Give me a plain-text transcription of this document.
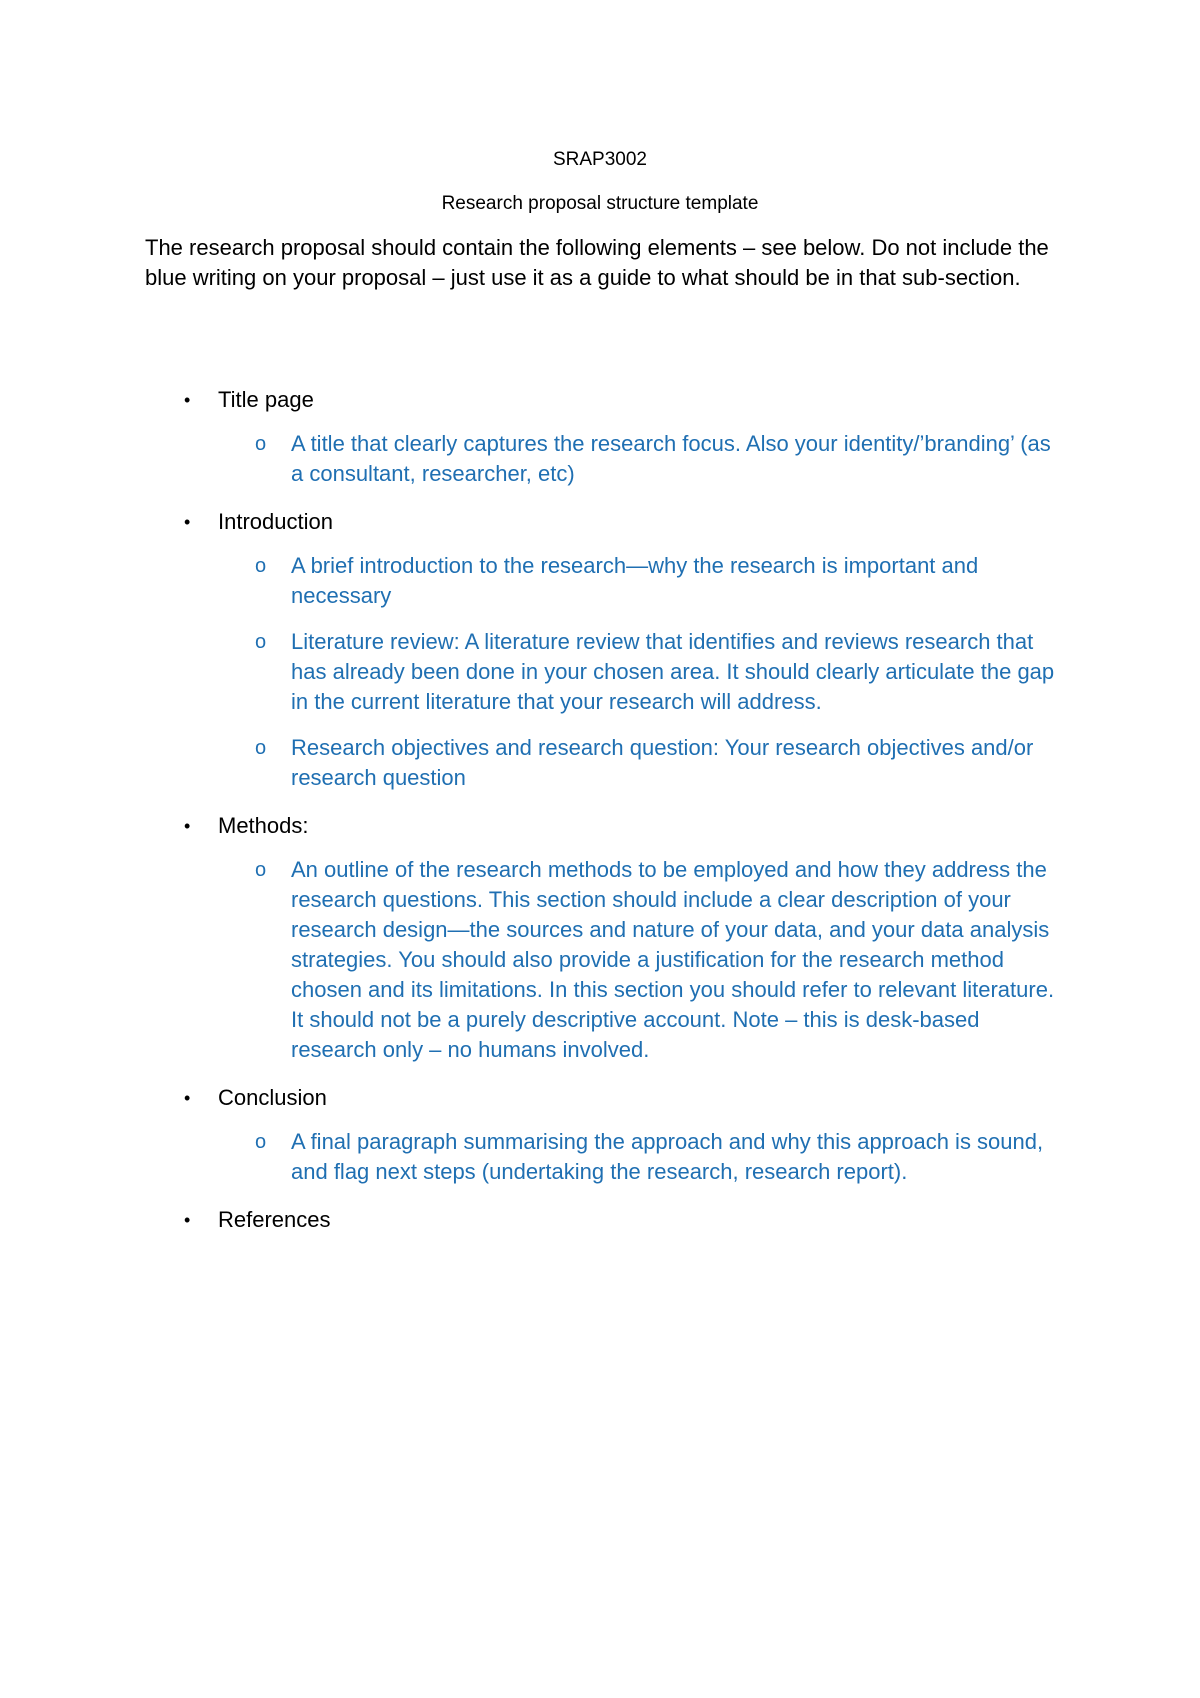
SRAP3002
Research proposal structure template

The research proposal should contain the following elements – see below. Do not include the blue writing on your proposal – just use it as a guide to what should be in that sub-section.

• Title page
o A title that clearly captures the research focus. Also your identity/’branding’ (as a consultant, researcher, etc)
• Introduction
o A brief introduction to the research—why the research is important and necessary
o Literature review: A literature review that identifies and reviews research that has already been done in your chosen area. It should clearly articulate the gap in the current literature that your research will address.
o Research objectives and research question: Your research objectives and/or research question
• Methods:
o An outline of the research methods to be employed and how they address the research questions. This section should include a clear description of your research design—the sources and nature of your data, and your data analysis strategies. You should also provide a justification for the research method chosen and its limitations. In this section you should refer to relevant literature. It should not be a purely descriptive account. Note – this is desk-based research only – no humans involved.
• Conclusion
o A final paragraph summarising the approach and why this approach is sound, and flag next steps (undertaking the research, research report).
• References
